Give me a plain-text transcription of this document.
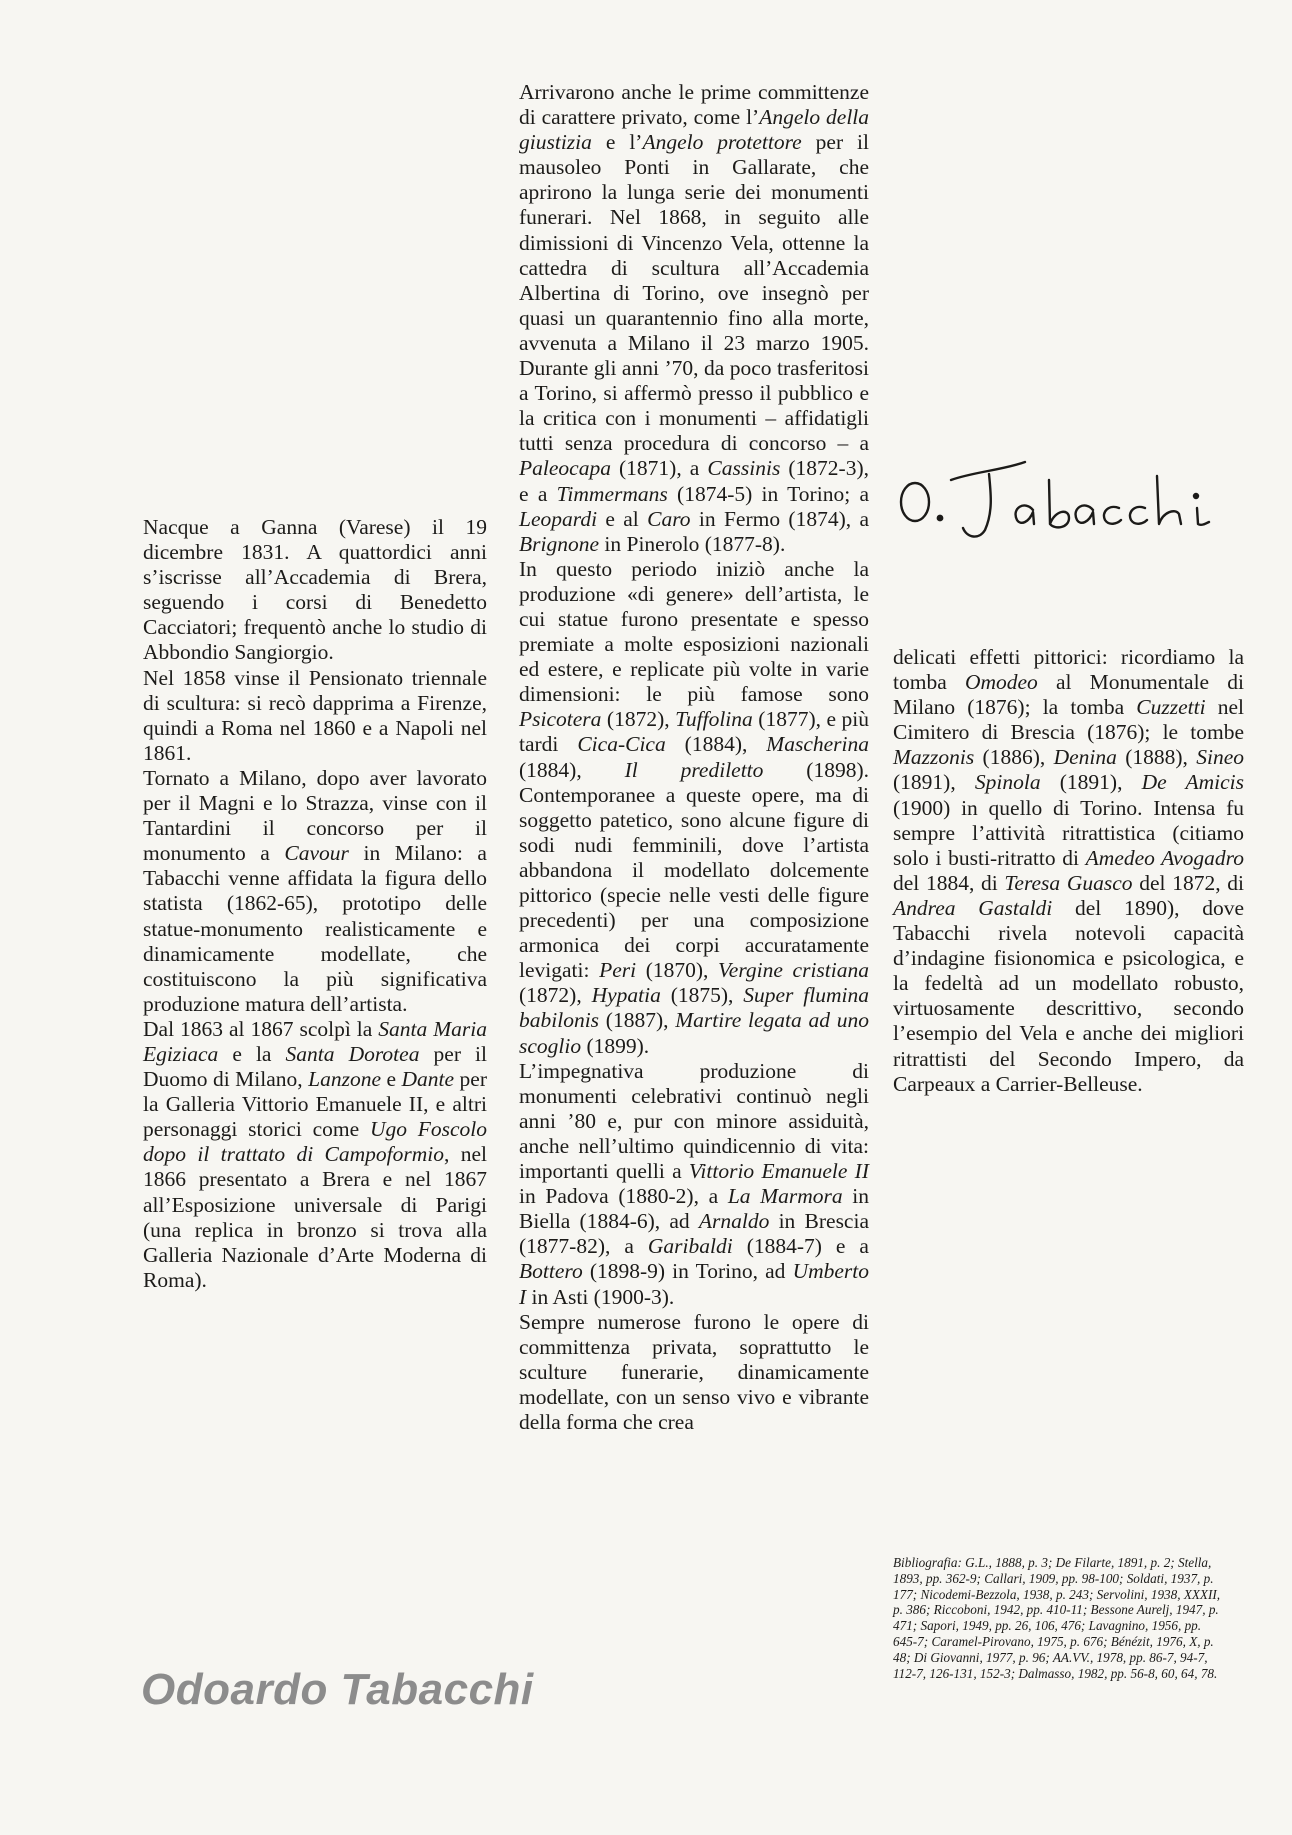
Nacque a Ganna (Varese) il 19 dicembre 1831. A quattordici anni s’iscrisse all’Accademia di Brera, seguendo i corsi di Benedetto Cacciatori; frequentò anche lo studio di Abbondio Sangiorgio.

Nel 1858 vinse il Pensionato triennale di scultura: si recò dapprima a Firenze, quindi a Roma nel 1860 e a Napoli nel 1861.

Tornato a Milano, dopo aver lavorato per il Magni e lo Strazza, vinse con il Tantardini il concorso per il monumento a Cavour in Milano: a Tabacchi venne affidata la figura dello statista (1862-65), prototipo delle statue-monumento realisticamente e dinamicamente modellate, che costituiscono la più significativa produzione matura dell’artista.

Dal 1863 al 1867 scolpì la Santa Maria Egiziaca e la Santa Dorotea per il Duomo di Milano, Lanzone e Dante per la Galleria Vittorio Emanuele II, e altri personaggi storici come Ugo Foscolo dopo il trattato di Campoformio, nel 1866 presentato a Brera e nel 1867 all’Esposizione universale di Parigi (una replica in bronzo si trova alla Galleria Nazionale d’Arte Moderna di Roma).

Arrivarono anche le prime committenze di carattere privato, come l’Angelo della giustizia e l’Angelo protettore per il mausoleo Ponti in Gallarate, che aprirono la lunga serie dei monumenti funerari. Nel 1868, in seguito alle dimissioni di Vincenzo Vela, ottenne la cattedra di scultura all’Accademia Albertina di Torino, ove insegnò per quasi un quarantennio fino alla morte, avvenuta a Milano il 23 marzo 1905. Durante gli anni ’70, da poco trasferitosi a Torino, si affermò presso il pubblico e la critica con i monumenti – affidatigli tutti senza procedura di concorso – a Paleocapa (1871), a Cassinis (1872-3), e a Timmermans (1874-5) in Torino; a Leopardi e al Caro in Fermo (1874), a Brignone in Pinerolo (1877-8).

In questo periodo iniziò anche la produzione «di genere» dell’artista, le cui statue furono presentate e spesso premiate a molte esposizioni nazionali ed estere, e replicate più volte in varie dimensioni: le più famose sono Psicotera (1872), Tuffolina (1877), e più tardi Cica-Cica (1884), Mascherina (1884), Il prediletto (1898). Contemporanee a queste opere, ma di soggetto patetico, sono alcune figure di sodi nudi femminili, dove l’artista abbandona il modellato dolcemente pittorico (specie nelle vesti delle figure precedenti) per una composizione armonica dei corpi accuratamente levigati: Peri (1870), Vergine cristiana (1872), Hypatia (1875), Super flumina babilonis (1887), Martire legata ad uno scoglio (1899).

L’impegnativa produzione di monumenti celebrativi continuò negli anni ’80 e, pur con minore assiduità, anche nell’ultimo quindicennio di vita: importanti quelli a Vittorio Emanuele II in Padova (1880-2), a La Marmora in Biella (1884-6), ad Arnaldo in Brescia (1877-82), a Garibaldi (1884-7) e a Bottero (1898-9) in Torino, ad Umberto I in Asti (1900-3).

Sempre numerose furono le opere di committenza privata, soprattutto le sculture funerarie, dinamicamente modellate, con un senso vivo e vibrante della forma che crea

delicati effetti pittorici: ricordiamo la tomba Omodeo al Monumentale di Milano (1876); la tomba Cuzzetti nel Cimitero di Brescia (1876); le tombe Mazzonis (1886), Denina (1888), Sineo (1891), Spinola (1891), De Amicis (1900) in quello di Torino. Intensa fu sempre l’attività ritrattistica (citiamo solo i busti-ritratto di Amedeo Avogadro del 1884, di Teresa Guasco del 1872, di Andrea Gastaldi del 1890), dove Tabacchi rivela notevoli capacità d’indagine fisionomica e psicologica, e la fedeltà ad un modellato robusto, virtuosamente descrittivo, secondo l’esempio del Vela e anche dei migliori ritrattisti del Secondo Impero, da Carpeaux a Carrier-Belleuse.

Bibliografia: G.L., 1888, p. 3; De Filarte, 1891, p. 2; Stella, 1893, pp. 362-9; Callari, 1909, pp. 98-100; Soldati, 1937, p. 177; Nicodemi-Bezzola, 1938, p. 243; Servolini, 1938, XXXII, p. 386; Riccoboni, 1942, pp. 410-11; Bessone Aurelj, 1947, p. 471; Sapori, 1949, pp. 26, 106, 476; Lavagnino, 1956, pp. 645-7; Caramel-Pirovano, 1975, p. 676; Bénézit, 1976, X, p. 48; Di Giovanni, 1977, p. 96; AA.VV., 1978, pp. 86-7, 94-7, 112-7, 126-131, 152-3; Dalmasso, 1982, pp. 56-8, 60, 64, 78.
Odoardo Tabacchi
